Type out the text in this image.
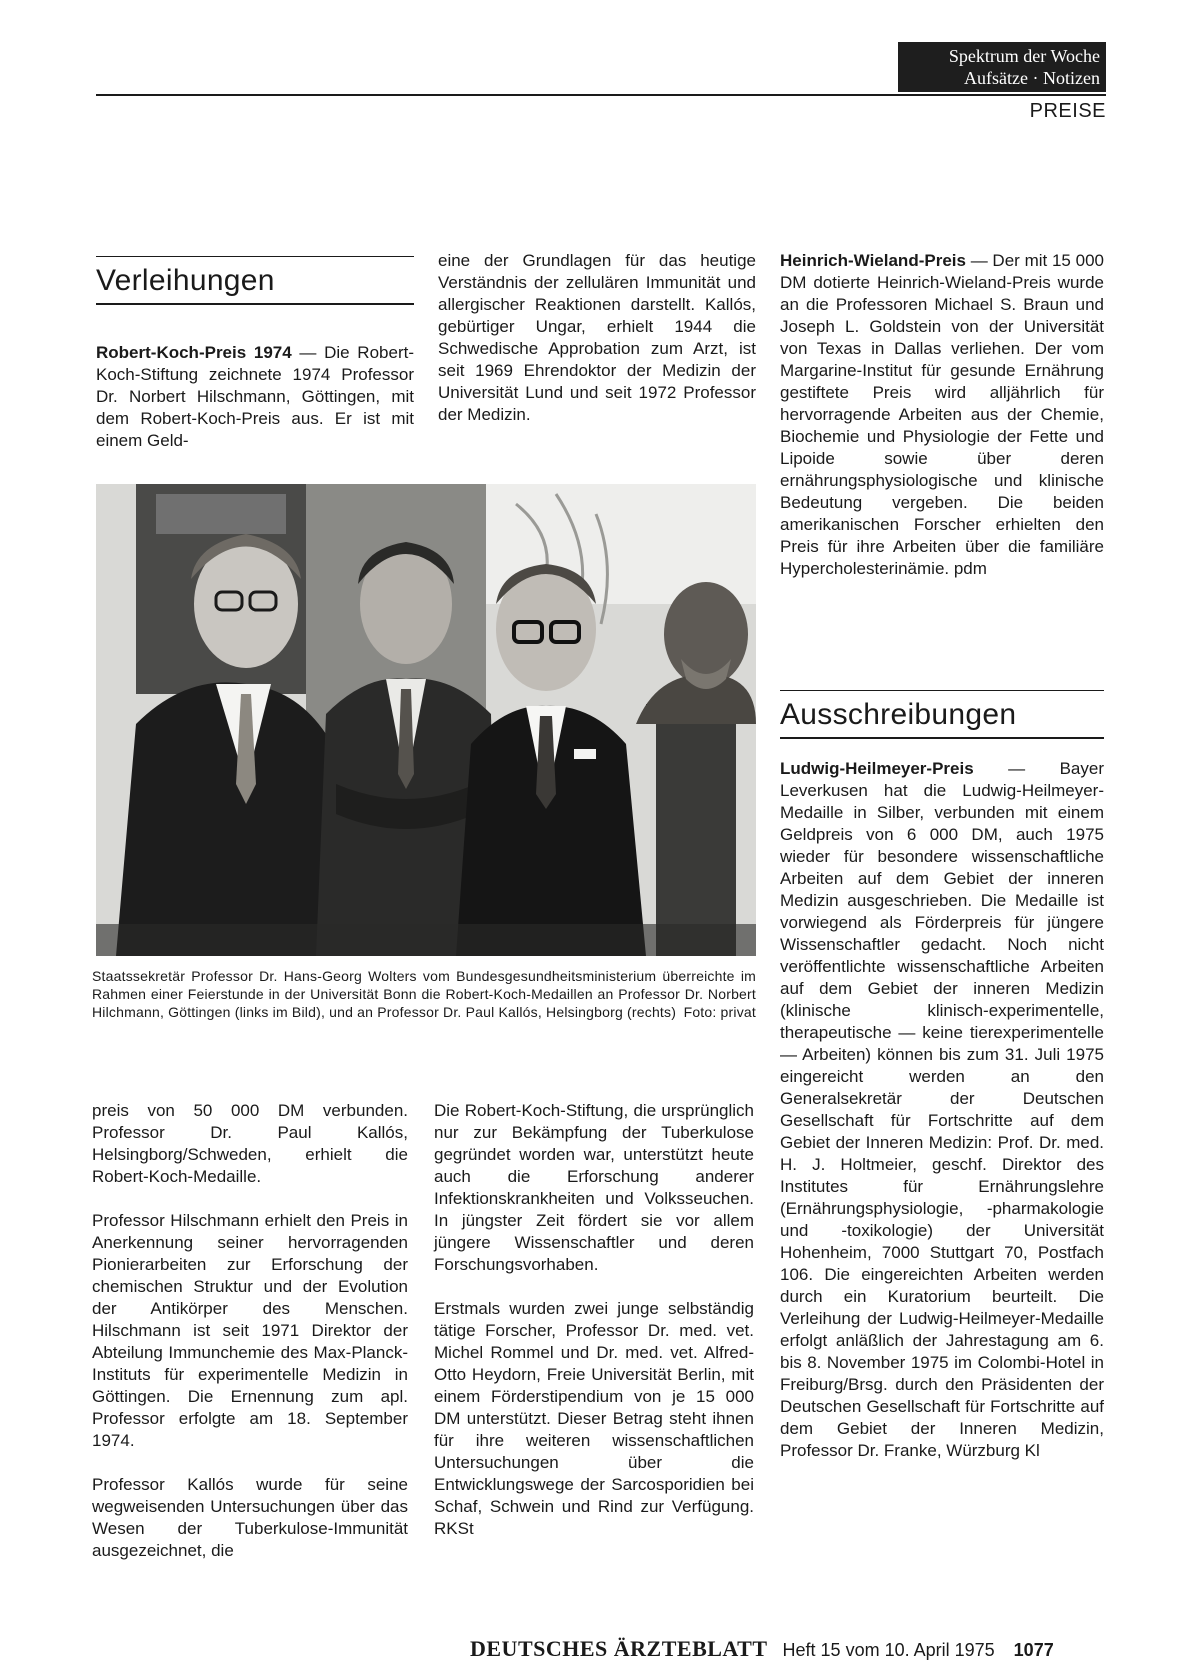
Spektrum der Woche
Aufsätze · Notizen
PREISE
Verleihungen

Robert-Koch-Preis 1974 — Die Robert-Koch-Stiftung zeichnete 1974 Professor Dr. Norbert Hilschmann, Göttingen, mit dem Robert-Koch-Preis aus. Er ist mit einem Geld-

eine der Grundlagen für das heutige Verständnis der zellulären Immunität und allergischer Reaktionen darstellt. Kallós, gebürtiger Ungar, erhielt 1944 die Schwedische Approbation zum Arzt, ist seit 1969 Ehrendoktor der Medizin der Universität Lund und seit 1972 Professor der Medizin.

Heinrich-Wieland-Preis — Der mit 15 000 DM dotierte Heinrich-Wieland-Preis wurde an die Professoren Michael S. Braun und Joseph L. Goldstein von der Universität von Texas in Dallas verliehen. Der vom Margarine-Institut für gesunde Ernährung gestiftete Preis wird alljährlich für hervorragende Arbeiten aus der Chemie, Biochemie und Physiologie der Fette und Lipoide sowie über deren ernährungsphysiologische und klinische Bedeutung vergeben. Die beiden amerikanischen Forscher erhielten den Preis für ihre Arbeiten über die familiäre Hypercholesterinämie. pdm

Ausschreibungen

Ludwig-Heilmeyer-Preis — Bayer Leverkusen hat die Ludwig-Heilmeyer-Medaille in Silber, verbunden mit einem Geldpreis von 6 000 DM, auch 1975 wieder für besondere wissenschaftliche Arbeiten auf dem Gebiet der inneren Medizin ausgeschrieben. Die Medaille ist vorwiegend als Förderpreis für jüngere Wissenschaftler gedacht. Noch nicht veröffentlichte wissenschaftliche Arbeiten auf dem Gebiet der inneren Medizin (klinische klinisch-experimentelle, therapeutische — keine tierexperimentelle — Arbeiten) können bis zum 31. Juli 1975 eingereicht werden an den Generalsekretär der Deutschen Gesellschaft für Fortschritte auf dem Gebiet der Inneren Medizin: Prof. Dr. med. H. J. Holtmeier, geschf. Direktor des Institutes für Ernährungslehre (Ernährungsphysiologie, -pharmakologie und -toxikologie) der Universität Hohenheim, 7000 Stuttgart 70, Postfach 106. Die eingereichten Arbeiten werden durch ein Kuratorium beurteilt. Die Verleihung der Ludwig-Heilmeyer-Medaille erfolgt anläßlich der Jahrestagung am 6. bis 8. November 1975 im Colombi-Hotel in Freiburg/Brsg. durch den Präsidenten der Deutschen Gesellschaft für Fortschritte auf dem Gebiet der Inneren Medizin, Professor Dr. Franke, Würzburg Kl

Staatssekretär Professor Dr. Hans-Georg Wolters vom Bundesgesundheitsministerium überreichte im Rahmen einer Feierstunde in der Universität Bonn die Robert-Koch-Medaillen an Professor Dr. Norbert Hilchmann, Göttingen (links im Bild), und an Professor Dr. Paul Kallós, Helsingborg (rechts) Foto: privat

preis von 50 000 DM verbunden. Professor Dr. Paul Kallós, Helsingborg/Schweden, erhielt die Robert-Koch-Medaille.

Professor Hilschmann erhielt den Preis in Anerkennung seiner hervorragenden Pionierarbeiten zur Erforschung der chemischen Struktur und der Evolution der Antikörper des Menschen. Hilschmann ist seit 1971 Direktor der Abteilung Immunchemie des Max-Planck-Instituts für experimentelle Medizin in Göttingen. Die Ernennung zum apl. Professor erfolgte am 18. September 1974.

Professor Kallós wurde für seine wegweisenden Untersuchungen über das Wesen der Tuberkulose-Immunität ausgezeichnet, die

Die Robert-Koch-Stiftung, die ursprünglich nur zur Bekämpfung der Tuberkulose gegründet worden war, unterstützt heute auch die Erforschung anderer Infektionskrankheiten und Volksseuchen. In jüngster Zeit fördert sie vor allem jüngere Wissenschaftler und deren Forschungsvorhaben.

Erstmals wurden zwei junge selbständig tätige Forscher, Professor Dr. med. vet. Michel Rommel und Dr. med. vet. Alfred-Otto Heydorn, Freie Universität Berlin, mit einem Förderstipendium von je 15 000 DM unterstützt. Dieser Betrag steht ihnen für ihre weiteren wissenschaftlichen Untersuchungen über die Entwicklungswege der Sarcosporidien bei Schaf, Schwein und Rind zur Verfügung. RKSt

DEUTSCHES ÄRZTEBLATT Heft 15 vom 10. April 1975 1077
